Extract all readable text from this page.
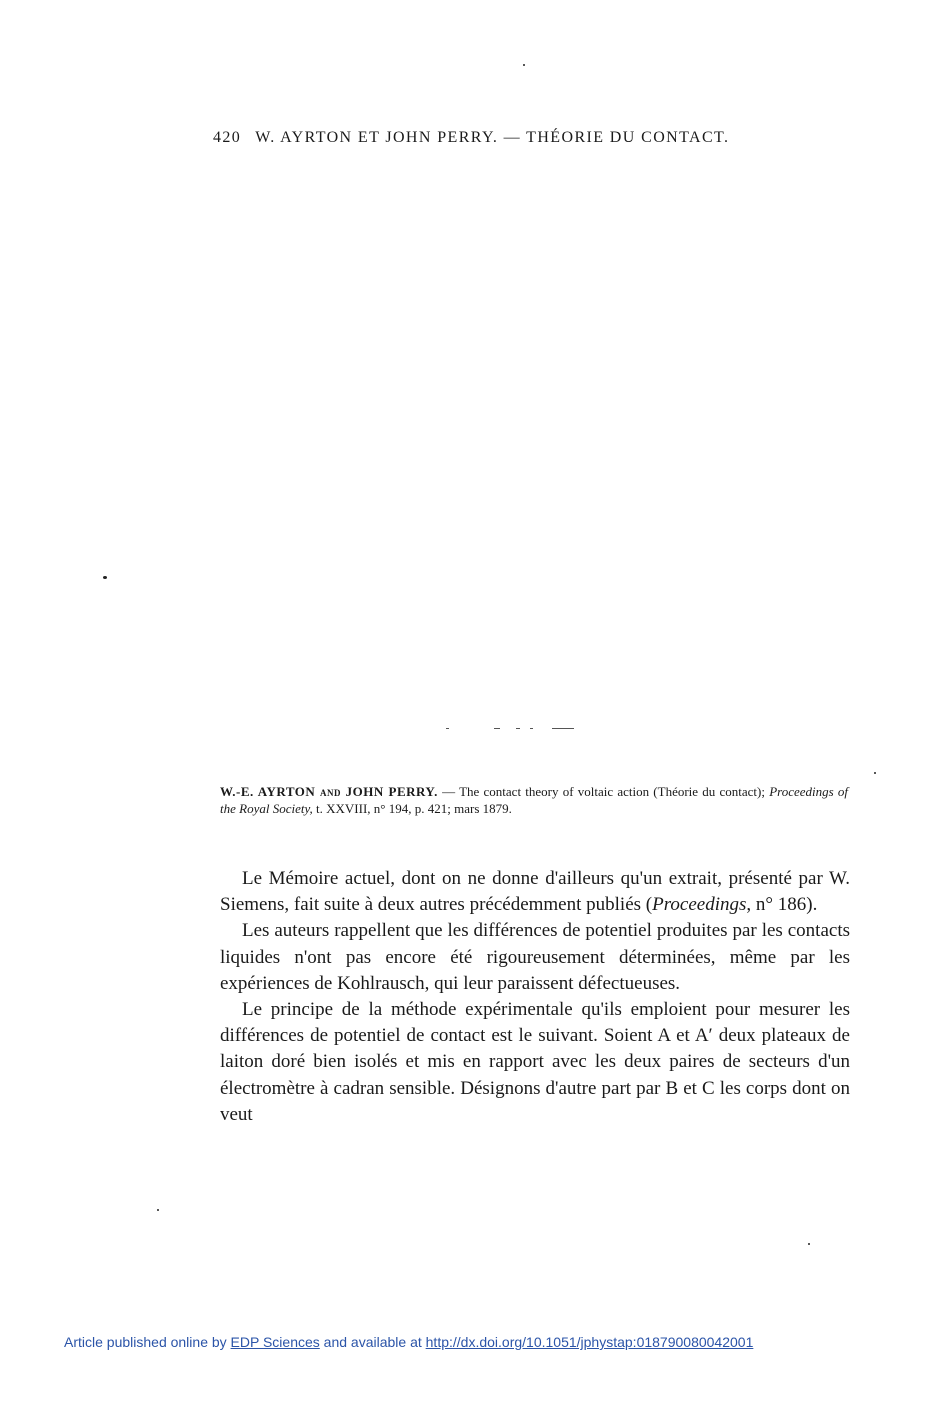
420 W. AYRTON ET JOHN PERRY. — THÉORIE DU CONTACT.
W.-E. AYRTON and JOHN PERRY. — The contact theory of voltaic action (Théorie du contact); Proceedings of the Royal Society, t. XXVIII, n° 194, p. 421; mars 1879.

Le Mémoire actuel, dont on ne donne d'ailleurs qu'un extrait, présenté par W. Siemens, fait suite à deux autres précédemment publiés (Proceedings, n° 186).

Les auteurs rappellent que les différences de potentiel produites par les contacts liquides n'ont pas encore été rigoureusement déterminées, même par les expériences de Kohlrausch, qui leur paraissent défectueuses.

Le principe de la méthode expérimentale qu'ils emploient pour mesurer les différences de potentiel de contact est le suivant. Soient A et A′ deux plateaux de laiton doré bien isolés et mis en rapport avec les deux paires de secteurs d'un électromètre à cadran sensible. Désignons d'autre part par B et C les corps dont on veut

Article published online by EDP Sciences and available at http://dx.doi.org/10.1051/jphystap:018790080042001
